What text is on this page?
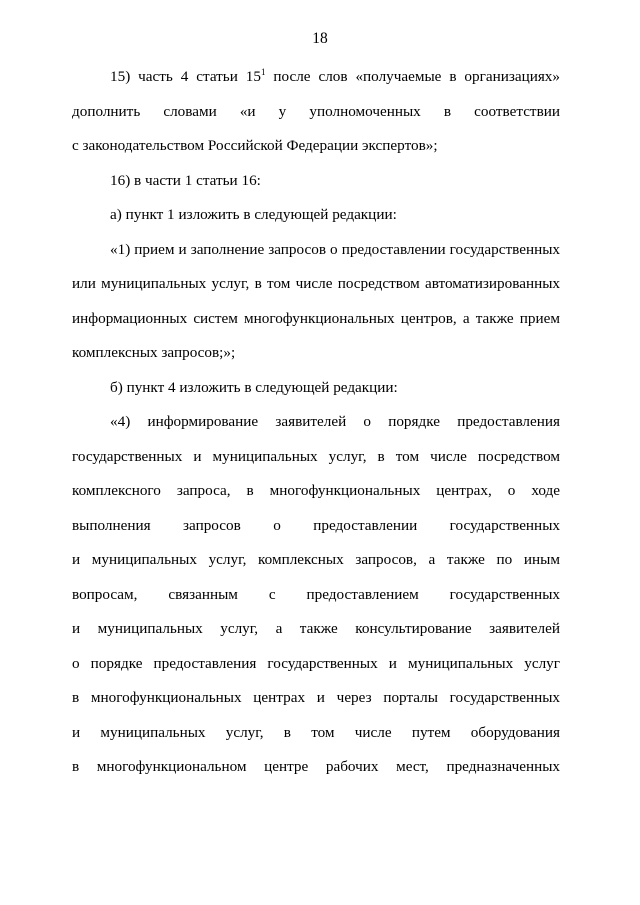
18
15) часть 4 статьи $15^1$ после слов «получаемые в организациях»
дополнить словами «и у уполномоченных в соответствии
с законодательством Российской Федерации экспертов»;
16) в части 1 статьи 16:
а) пункт 1 изложить в следующей редакции:
«1) прием и заполнение запросов о предоставлении государственных
или муниципальных услуг, в том числе посредством автоматизированных
информационных систем многофункциональных центров, а также прием
комплексных запросов;»;
б) пункт 4 изложить в следующей редакции:
«4) информирование заявителей о порядке предоставления
государственных и муниципальных услуг, в том числе посредством
комплексного запроса, в многофункциональных центрах, о ходе
выполнения запросов о предоставлении государственных
и муниципальных услуг, комплексных запросов, а также по иным
вопросам, связанным с предоставлением государственных
и муниципальных услуг, а также консультирование заявителей
о порядке предоставления государственных и муниципальных услуг
в многофункциональных центрах и через порталы государственных
и муниципальных услуг, в том числе путем оборудования
в многофункциональном центре рабочих мест, предназначенных
